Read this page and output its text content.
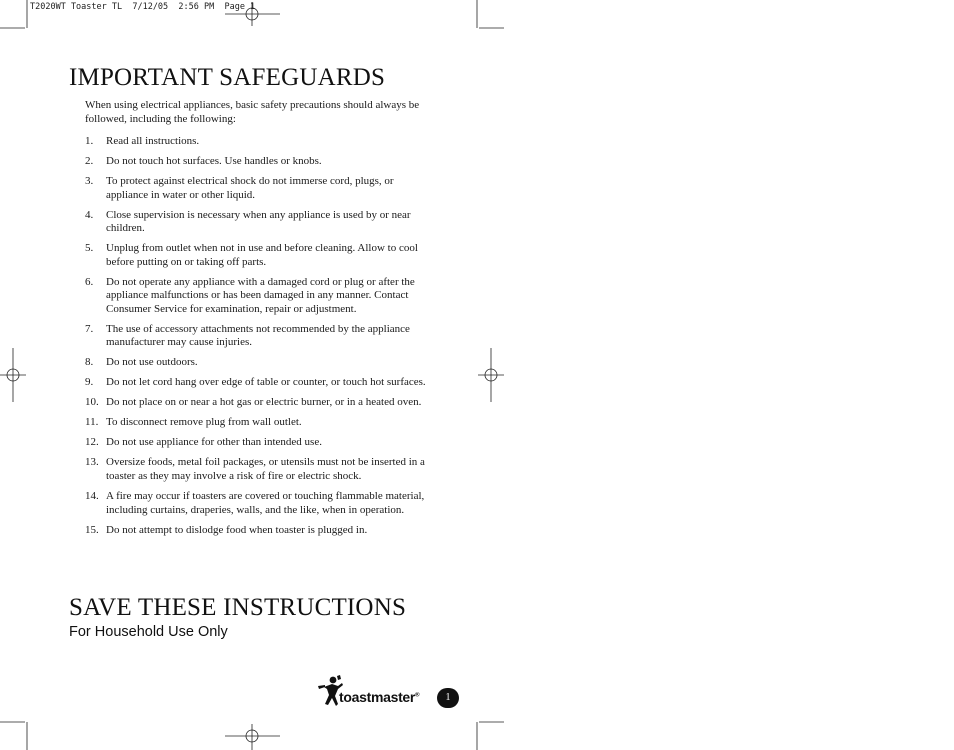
T2020WT Toaster TL  7/12/05  2:56 PM  Page 1
IMPORTANT SAFEGUARDS
When using electrical appliances, basic safety precautions should always be followed, including the following:
1. Read all instructions.
2. Do not touch hot surfaces. Use handles or knobs.
3. To protect against electrical shock do not immerse cord, plugs, or appliance in water or other liquid.
4. Close supervision is necessary when any appliance is used by or near children.
5. Unplug from outlet when not in use and before cleaning. Allow to cool before putting on or taking off parts.
6. Do not operate any appliance with a damaged cord or plug or after the appliance malfunctions or has been damaged in any manner. Contact Consumer Service for examination, repair or adjustment.
7. The use of accessory attachments not recommended by the appliance manufacturer may cause injuries.
8. Do not use outdoors.
9. Do not let cord hang over edge of table or counter, or touch hot surfaces.
10. Do not place on or near a hot gas or electric burner, or in a heated oven.
11. To disconnect remove plug from wall outlet.
12. Do not use appliance for other than intended use.
13. Oversize foods, metal foil packages, or utensils must not be inserted in a toaster as they may involve a risk of fire or electric shock.
14. A fire may occur if toasters are covered or touching flammable material, including curtains, draperies, walls, and the like, when in operation.
15. Do not attempt to dislodge food when toaster is plugged in.
SAVE THESE INSTRUCTIONS
For Household Use Only
toastmaster®	1
